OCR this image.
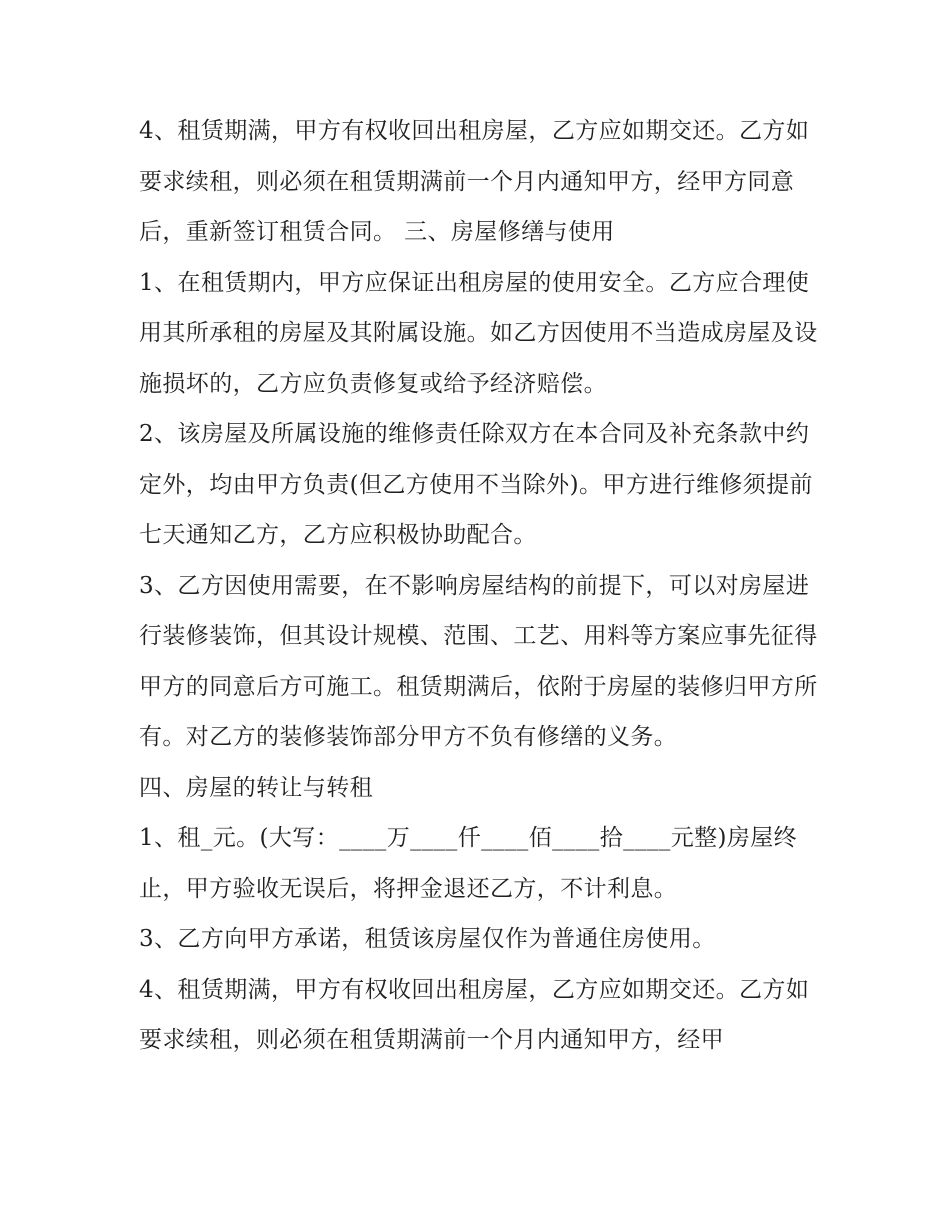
4、租赁期满，甲方有权收回出租房屋，乙方应如期交还。乙方如要求续租，则必须在租赁期满前一个月内通知甲方，经甲方同意后，重新签订租赁合同。 三、房屋修缮与使用

1、在租赁期内，甲方应保证出租房屋的使用安全。乙方应合理使用其所承租的房屋及其附属设施。如乙方因使用不当造成房屋及设施损坏的，乙方应负责修复或给予经济赔偿。

2、该房屋及所属设施的维修责任除双方在本合同及补充条款中约定外，均由甲方负责(但乙方使用不当除外)。甲方进行维修须提前七天通知乙方，乙方应积极协助配合。

3、乙方因使用需要，在不影响房屋结构的前提下，可以对房屋进行装修装饰，但其设计规模、范围、工艺、用料等方案应事先征得甲方的同意后方可施工。租赁期满后，依附于房屋的装修归甲方所有。对乙方的装修装饰部分甲方不负有修缮的义务。

四、房屋的转让与转租

1、租_元。(大写：____万____仟____佰____拾____元整)房屋终止，甲方验收无误后，将押金退还乙方，不计利息。

3、乙方向甲方承诺，租赁该房屋仅作为普通住房使用。

4、租赁期满，甲方有权收回出租房屋，乙方应如期交还。乙方如要求续租，则必须在租赁期满前一个月内通知甲方，经甲
